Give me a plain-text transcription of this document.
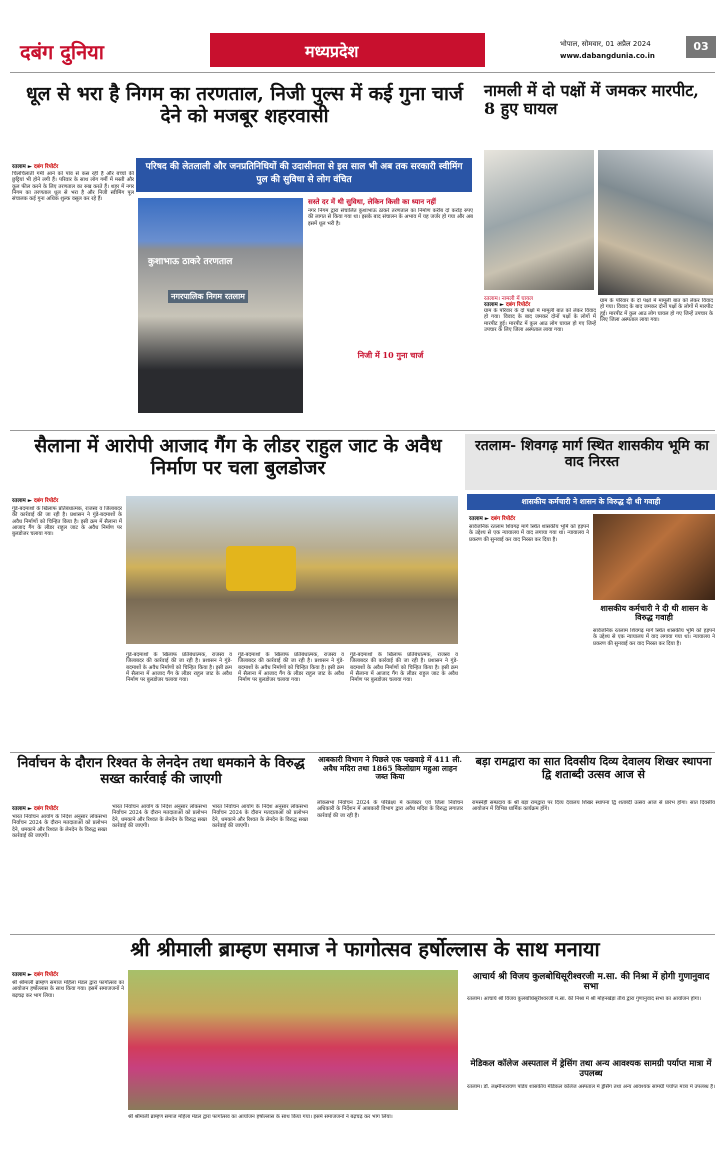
दबंग दुनिया	मध्यप्रदेश	भोपाल, सोमवार, 01 अप्रैल 2024
www.dabangdunia.co.in
03
धूल से भरा है निगम का तरणताल, निजी पुल्स में कई गुना चार्ज देने को मजबूर शहरवासी
परिषद की लेतलाली और जनप्रतिनिधियों की उदासीनता से इस साल भी अब तक सरकारी स्वीमिंग पुल की सुविधा से लोग वंचित
रतलाम ► दबंग रिपोर्टर
चिलचिलाती गर्मी आने को पांव से कस रही है और बच्चों की छुट्टियां भी होने लगी हैं। परिवार के साथ लोग गर्मी में मस्ती और कूल फील करने के लिए तरणताल का रुख करते हैं। शहर में नगर निगम का तरणताल धूल से भरा है और निजी स्वीमिंग पूल संचालक कई गुना अधिक शुल्क वसूल कर रहे हैं।
कुशाभाऊ ठाकरे तरणताल
नगरपालिक निगम रतलाम
सस्ते दर में थी सुविधा, लेकिन किसी का ध्यान नहीं
नगर निगम द्वारा संचालित कुशाभाऊ ठाकरे तरणताल का निर्माण करीब दो करोड़ रुपए की लागत से किया गया था। इसके बाद संचालन के अभाव में यह जर्जर हो गया और अब इसमें धूल भरी है।
निजी में 10 गुना चार्ज
नामली में दो पक्षों में जमकर मारपीट, 8 हुए घायल
रतलाम। नामली में घायल
रतलाम ► दबंग रिपोर्टर
ग्राम के परिवार के दो पक्षों में मामूली बात को लेकर विवाद हो गया। विवाद के बाद जमकर दोनों पक्षों के लोगों में मारपीट हुई। मारपीट में कुल आठ लोग घायल हो गए जिन्हें उपचार के लिए जिला अस्पताल लाया गया।
ग्राम के परिवार के दो पक्षों में मामूली बात को लेकर विवाद हो गया। विवाद के बाद जमकर दोनों पक्षों के लोगों में मारपीट हुई। मारपीट में कुल आठ लोग घायल हो गए जिन्हें उपचार के लिए जिला अस्पताल लाया गया।
सैलाना में आरोपी आजाद गैंग के लीडर राहुल जाट के अवैध निर्माण पर चला बुलडोजर
रतलाम ► दबंग रिपोर्टर
गुंडे-बदमाशों के खिलाफ प्रतिबंधात्मक, राजस्व व जिलाबदर की कार्रवाई की जा रही है। प्रशासन ने गुंडे-बदमाशों के अवैध निर्माणों को चिन्हित किया है। इसी क्रम में सैलाना में आजाद गैंग के लीडर राहुल जाट के अवैध निर्माण पर बुलडोजर चलाया गया।
गुंडे-बदमाशों के खिलाफ प्रतिबंधात्मक, राजस्व व जिलाबदर की कार्रवाई की जा रही है। प्रशासन ने गुंडे-बदमाशों के अवैध निर्माणों को चिन्हित किया है। इसी क्रम में सैलाना में आजाद गैंग के लीडर राहुल जाट के अवैध निर्माण पर बुलडोजर चलाया गया।
गुंडे-बदमाशों के खिलाफ प्रतिबंधात्मक, राजस्व व जिलाबदर की कार्रवाई की जा रही है। प्रशासन ने गुंडे-बदमाशों के अवैध निर्माणों को चिन्हित किया है। इसी क्रम में सैलाना में आजाद गैंग के लीडर राहुल जाट के अवैध निर्माण पर बुलडोजर चलाया गया।
गुंडे-बदमाशों के खिलाफ प्रतिबंधात्मक, राजस्व व जिलाबदर की कार्रवाई की जा रही है। प्रशासन ने गुंडे-बदमाशों के अवैध निर्माणों को चिन्हित किया है। इसी क्रम में सैलाना में आजाद गैंग के लीडर राहुल जाट के अवैध निर्माण पर बुलडोजर चलाया गया।
रतलाम- शिवगढ़ मार्ग स्थित शासकीय भूमि का वाद निरस्त
शासकीय कर्मचारी ने शासन के विरुद्ध दी थी गवाही
रतलाम ► दबंग रिपोर्टर
सार्वजनिक रतलाम शिवगढ़ मार्ग स्थित शासकीय भूमि को हड़पने के उद्देश्य से एक न्यायालय में वाद लगाया गया था। न्यायालय ने प्रकरण की सुनवाई कर वाद निरस्त कर दिया है।
शासकीय कर्मचारी ने दी थी शासन के विरुद्ध गवाही
सार्वजनिक रतलाम शिवगढ़ मार्ग स्थित शासकीय भूमि को हड़पने के उद्देश्य से एक न्यायालय में वाद लगाया गया था। न्यायालय ने प्रकरण की सुनवाई कर वाद निरस्त कर दिया है।
निर्वाचन के दौरान रिश्वत के लेनदेन तथा धमकाने के विरुद्ध सख्त कार्रवाई की जाएगी
रतलाम ► दबंग रिपोर्टर
भारत निर्वाचन आयोग के निर्देश अनुसार लोकसभा निर्वाचन 2024 के दौरान मतदाताओं को प्रलोभन देने, धमकाने और रिश्वत के लेनदेन के विरुद्ध सख्त कार्रवाई की जाएगी।
भारत निर्वाचन आयोग के निर्देश अनुसार लोकसभा निर्वाचन 2024 के दौरान मतदाताओं को प्रलोभन देने, धमकाने और रिश्वत के लेनदेन के विरुद्ध सख्त कार्रवाई की जाएगी।
भारत निर्वाचन आयोग के निर्देश अनुसार लोकसभा निर्वाचन 2024 के दौरान मतदाताओं को प्रलोभन देने, धमकाने और रिश्वत के लेनदेन के विरुद्ध सख्त कार्रवाई की जाएगी।
आबकारी विभाग ने पिछले एक पखवाड़े में 411 ली. अवैध मदिरा तथा 1865 किलोग्राम महुआ लाहन जब्त किया
लोकसभा निर्वाचन 2024 के परिप्रेक्ष्य में कलेक्टर एवं जिला निर्वाचन अधिकारी के निर्देशन में आबकारी विभाग द्वारा अवैध मदिरा के विरुद्ध लगातार कार्रवाई की जा रही है।
बड़ा रामद्वारा का सात दिवसीय दिव्य देवालय शिखर स्थापना द्वि शताब्दी उत्सव आज से
रामस्नेही सम्प्रदाय के श्री बड़ा रामद्वारा पर दिव्य देवालय शिखर स्थापना द्वि शताब्दी उत्सव आज से प्रारंभ होगा। सात दिवसीय आयोजन में विभिन्न धार्मिक कार्यक्रम होंगे।
श्री श्रीमाली ब्राम्हण समाज ने फागोत्सव हर्षोल्लास के साथ मनाया
रतलाम ► दबंग रिपोर्टर
श्री श्रीमाली ब्राम्हण समाज महिला मंडल द्वारा फागोत्सव का आयोजन हर्षोल्लास के साथ किया गया। इसमें समाजजनों ने बढ़चढ़ कर भाग लिया।
श्री श्रीमाली ब्राम्हण समाज महिला मंडल द्वारा फागोत्सव का आयोजन हर्षोल्लास के साथ किया गया। इसमें समाजजनों ने बढ़चढ़ कर भाग लिया।
आचार्य श्री विजय कुलबोधिसूरीश्वरजी म.सा. की निश्रा में होगी गुणानुवाद सभा
रतलाम। आचार्य श्री विजय कुलबोधिसूरीश्वरजी म.सा. की निश्रा में श्री मोहनखेड़ा तीर्थ द्वारा गुणानुवाद सभा का आयोजन होगा।
मेडिकल कॉलेज अस्पताल में ड्रेसिंग तथा अन्य आवश्यक सामग्री पर्याप्त मात्रा में उपलब्ध
रतलाम। डॉ. लक्ष्मीनारायण पांडेय शासकीय मेडिकल कॉलेज अस्पताल में ड्रेसिंग तथा अन्य आवश्यक सामग्री पर्याप्त मात्रा में उपलब्ध है।
